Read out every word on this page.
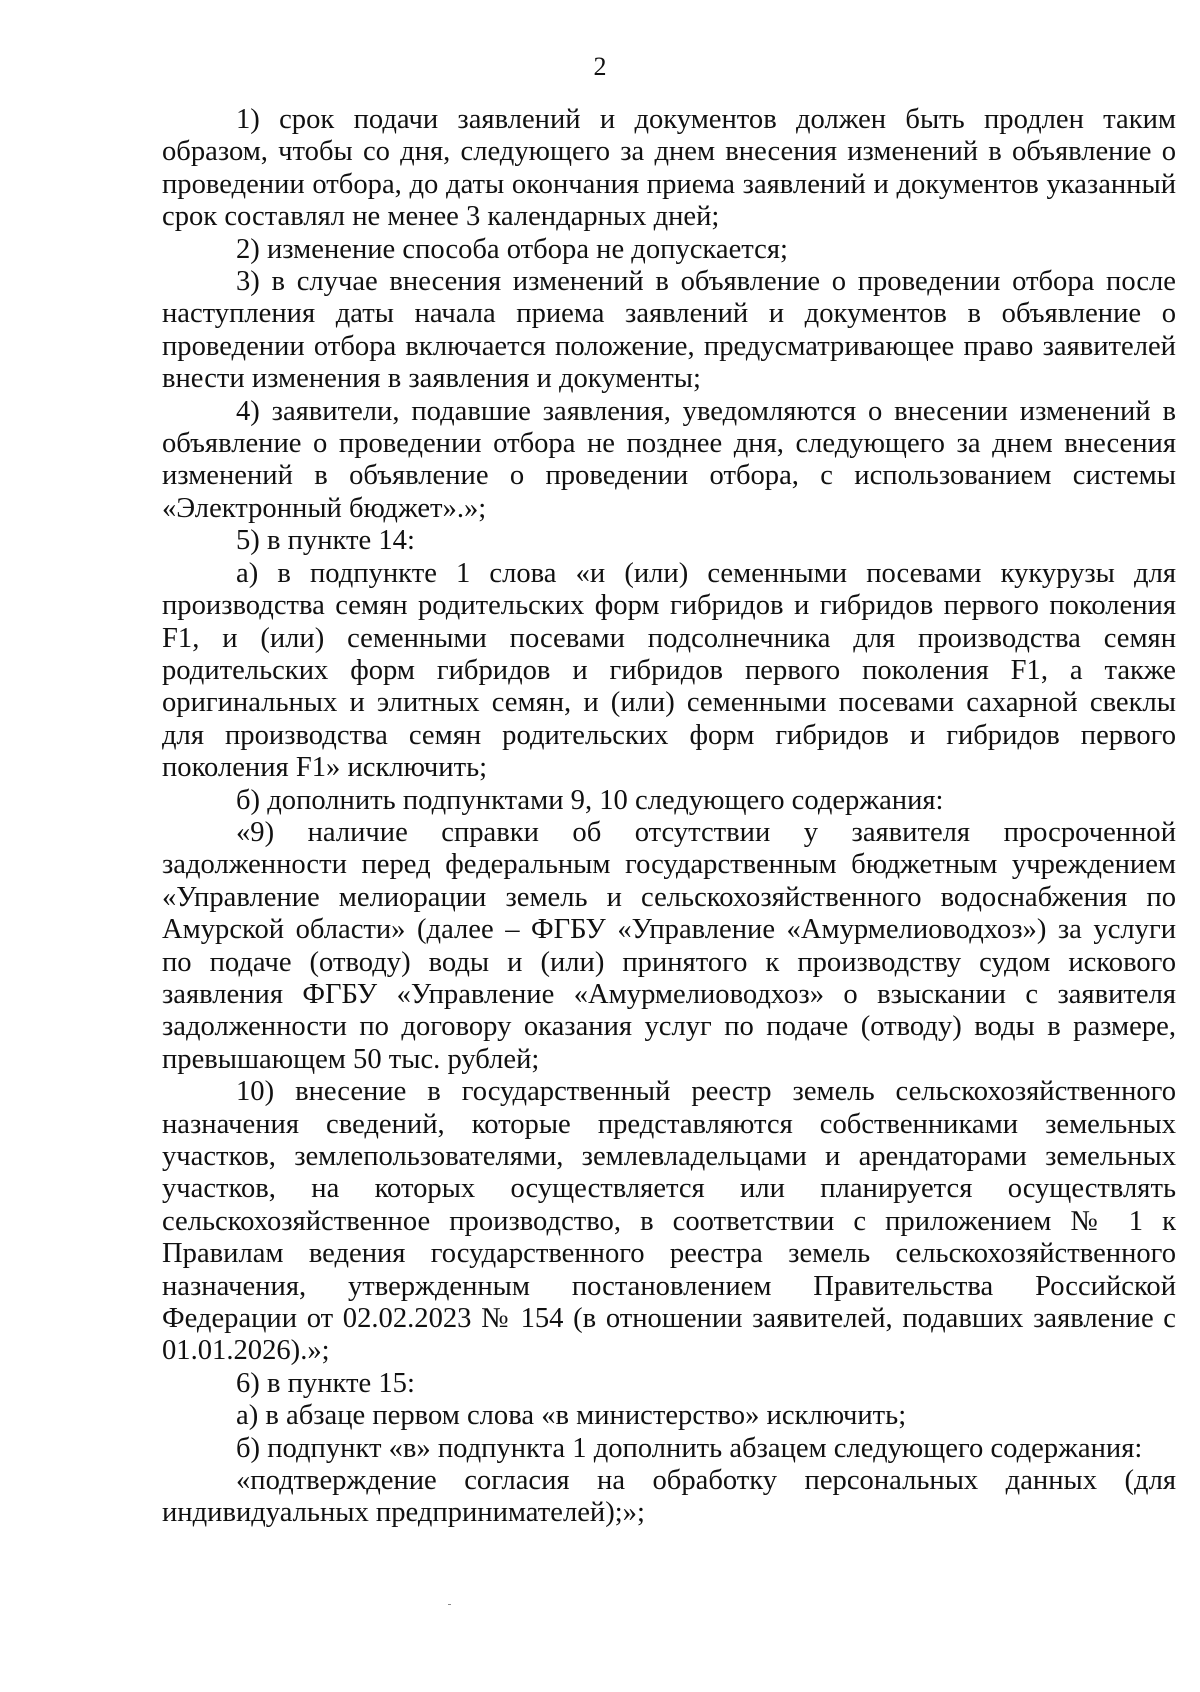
2

1) срок подачи заявлений и документов должен быть продлен таким образом, чтобы со дня, следующего за днем внесения изменений в объявление о проведении отбора, до даты окончания приема заявлений и документов указанный срок составлял не менее 3 календарных дней;

2) изменение способа отбора не допускается;

3) в случае внесения изменений в объявление о проведении отбора после наступления даты начала приема заявлений и документов в объявление о проведении отбора включается положение, предусматривающее право заявителей внести изменения в заявления и документы;

4) заявители, подавшие заявления, уведомляются о внесении изменений в объявление о проведении отбора не позднее дня, следующего за днем внесения изменений в объявление о проведении отбора, с использованием системы «Электронный бюджет».»;

5) в пункте 14:

а) в подпункте 1 слова «и (или) семенными посевами кукурузы для производства семян родительских форм гибридов и гибридов первого поколения F1, и (или) семенными посевами подсолнечника для производства семян родительских форм гибридов и гибридов первого поколения F1, а также оригинальных и элитных семян, и (или) семенными посевами сахарной свеклы для производства семян родительских форм гибридов и гибридов первого поколения F1» исключить;

б) дополнить подпунктами 9, 10 следующего содержания:

«9) наличие справки об отсутствии у заявителя просроченной задолженности перед федеральным государственным бюджетным учреждением «Управление мелиорации земель и сельскохозяйственного водоснабжения по Амурской области» (далее – ФГБУ «Управление «Амурмелиоводхоз») за услуги по подаче (отводу) воды и (или) принятого к производству судом искового заявления ФГБУ «Управление «Амурмелиоводхоз» о взыскании с заявителя задолженности по договору оказания услуг по подаче (отводу) воды в размере, превышающем 50 тыс. рублей;

10) внесение в государственный реестр земель сельскохозяйственного назначения сведений, которые представляются собственниками земельных участков, землепользователями, землевладельцами и арендаторами земельных участков, на которых осуществляется или планируется осуществлять сельскохозяйственное производство, в соответствии с приложением № 1 к Правилам ведения государственного реестра земель сельскохозяйственного назначения, утвержденным постановлением Правительства Российской Федерации от 02.02.2023 № 154 (в отношении заявителей, подавших заявление с 01.01.2026).»;

6) в пункте 15:

а) в абзаце первом слова «в министерство» исключить;

б) подпункт «в» подпункта 1 дополнить абзацем следующего содержания:

«подтверждение согласия на обработку персональных данных (для индивидуальных предпринимателей);»;
